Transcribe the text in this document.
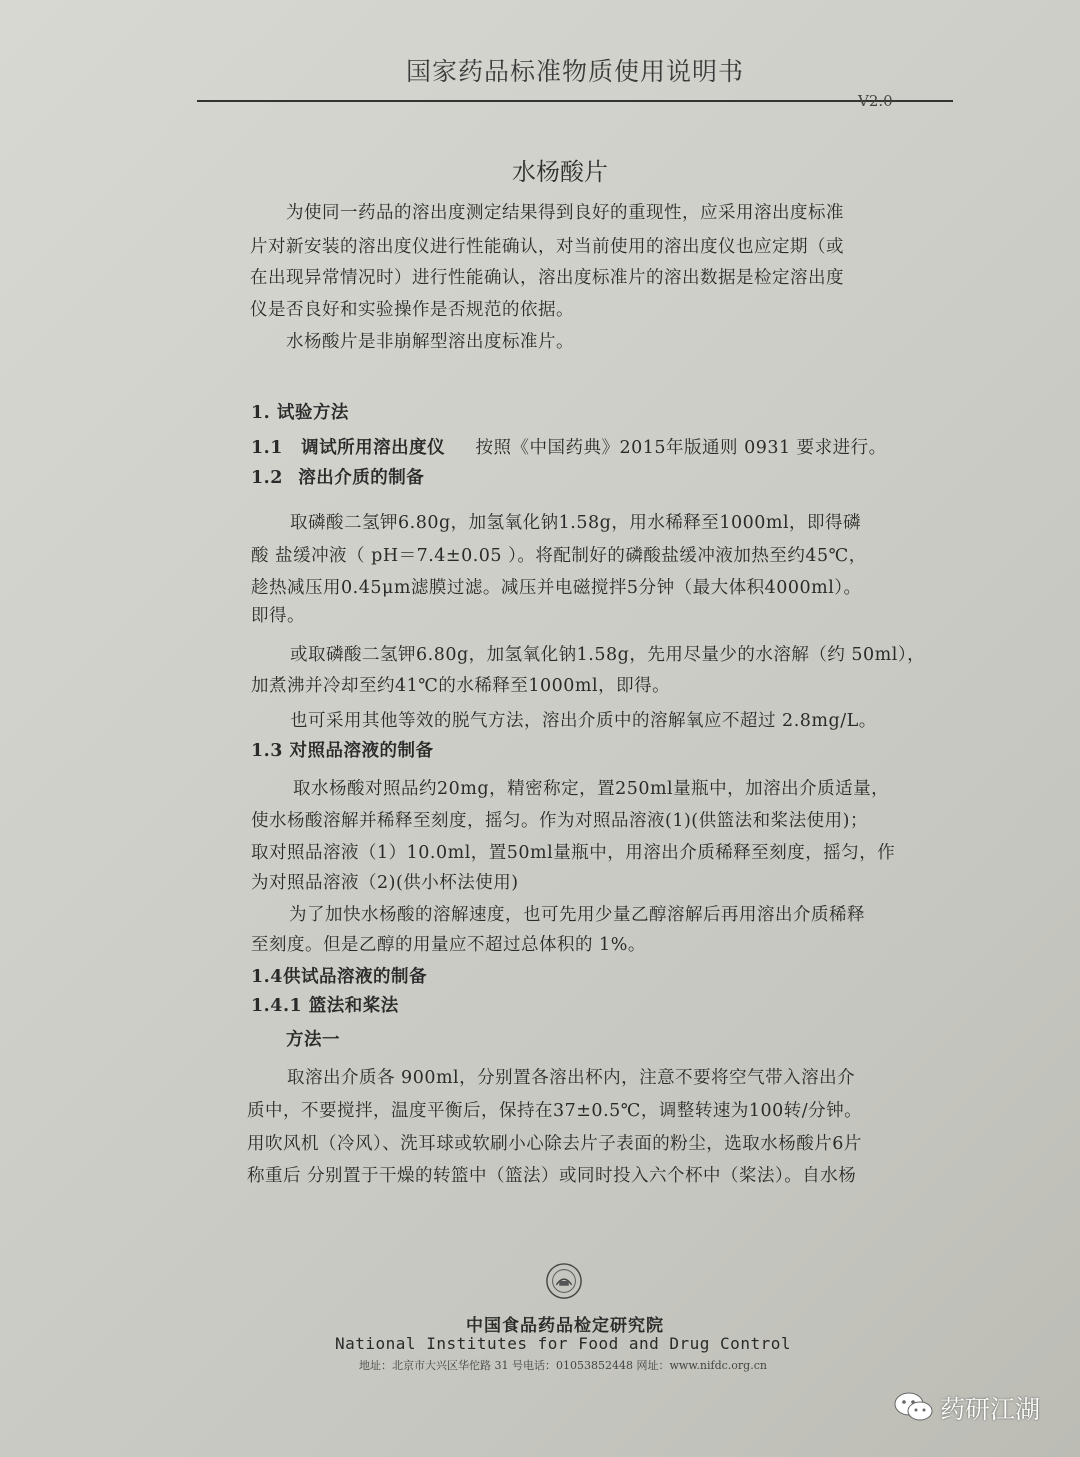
国家药品标准物质使用说明书
V2.0
水杨酸片
为使同一药品的溶出度测定结果得到良好的重现性，应采用溶出度标准
片对新安装的溶出度仪进行性能确认，对当前使用的溶出度仪也应定期（或
在出现异常情况时）进行性能确认，溶出度标准片的溶出数据是检定溶出度
仪是否良好和实验操作是否规范的依据。
水杨酸片是非崩解型溶出度标准片。
1. 试验方法
1.1 调试所用溶出度仪 按照《中国药典》2015年版通则 0931 要求进行。
1.2 溶出介质的制备
取磷酸二氢钾6.80g，加氢氧化钠1.58g，用水稀释至1000ml，即得磷
酸 盐缓冲液（ pH＝7.4±0.05 ）。将配制好的磷酸盐缓冲液加热至约45℃，
趁热减压用0.45μm滤膜过滤。减压并电磁搅拌5分钟（最大体积4000ml）。
即得。
或取磷酸二氢钾6.80g，加氢氧化钠1.58g，先用尽量少的水溶解（约 50ml），
加煮沸并冷却至约41℃的水稀释至1000ml，即得。
也可采用其他等效的脱气方法，溶出介质中的溶解氧应不超过 2.8mg/L。
1.3 对照品溶液的制备
取水杨酸对照品约20mg，精密称定，置250ml量瓶中，加溶出介质适量，
使水杨酸溶解并稀释至刻度，摇匀。作为对照品溶液(1)(供篮法和桨法使用)；
取对照品溶液（1）10.0ml，置50ml量瓶中，用溶出介质稀释至刻度，摇匀，作
为对照品溶液（2)(供小杯法使用)
为了加快水杨酸的溶解速度，也可先用少量乙醇溶解后再用溶出介质稀释
至刻度。但是乙醇的用量应不超过总体积的 1%。
1.4供试品溶液的制备
1.4.1 篮法和桨法
方法一
取溶出介质各 900ml，分别置各溶出杯内，注意不要将空气带入溶出介
质中，不要搅拌，温度平衡后，保持在37±0.5℃，调整转速为100转/分钟。
用吹风机（冷风）、洗耳球或软刷小心除去片子表面的粉尘，选取水杨酸片6片
称重后 分别置于干燥的转篮中（篮法）或同时投入六个杯中（桨法）。自水杨
中国食品药品检定研究院
National Institutes for Food and Drug Control
地址：北京市大兴区华佗路 31 号电话：01053852448 网址：www.nifdc.org.cn
药研江湖
